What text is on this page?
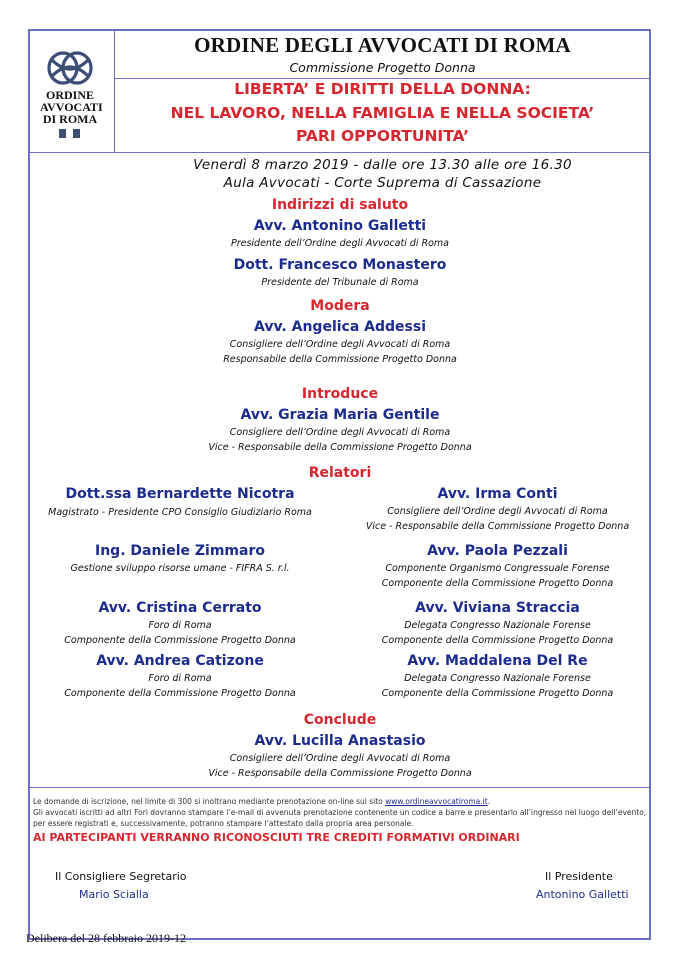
ORDINE
AVVOCATI
DI ROMA
ORDINE DEGLI AVVOCATI DI ROMA
Commissione Progetto Donna
LIBERTA’ E DIRITTI DELLA DONNA:
NEL LAVORO, NELLA FAMIGLIA E NELLA SOCIETA’
PARI OPPORTUNITA’
Venerdì 8 marzo 2019 - dalle ore 13.30 alle ore 16.30
Aula Avvocati - Corte Suprema di Cassazione
Indirizzi di saluto
Avv. Antonino Galletti
Presidente dell’Ordine degli Avvocati di Roma
Dott. Francesco Monastero
Presidente del Tribunale di Roma
Modera
Avv. Angelica Addessi
Consigliere dell’Ordine degli Avvocati di Roma
Responsabile della Commissione Progetto Donna
Introduce
Avv. Grazia Maria Gentile
Consigliere dell’Ordine degli Avvocati di Roma
Vice - Responsabile della Commissione Progetto Donna
Relatori
Dott.ssa Bernardette Nicotra
Magistrato - Presidente CPO Consiglio Giudiziario Roma
Avv. Irma Conti
Consigliere dell’Ordine degli Avvocati di Roma
Vice - Responsabile della Commissione Progetto Donna
Ing. Daniele Zimmaro
Gestione sviluppo risorse umane - FIFRA S. r.l.
Avv. Paola Pezzali
Componente Organismo Congressuale Forense
Componente della Commissione Progetto Donna
Avv. Cristina Cerrato
Foro di Roma
Componente della Commissione Progetto Donna
Avv. Viviana Straccia
Delegata Congresso Nazionale Forense
Componente della Commissione Progetto Donna
Avv. Andrea Catizone
Foro di Roma
Componente della Commissione Progetto Donna
Avv. Maddalena Del Re
Delegata Congresso Nazionale Forense
Componente della Commissione Progetto Donna
Conclude
Avv. Lucilla Anastasio
Consigliere dell’Ordine degli Avvocati di Roma
Vice - Responsabile della Commissione Progetto Donna
Le domande di iscrizione, nel limite di 300 si inoltrano mediante prenotazione on-line sul sito www.ordineavvocatiroma.it.
Gli avvocati iscritti ad altri Fori dovranno stampare l’e-mail di avvenuta prenotazione contenente un codice a barre e presentarlo all’ingresso nel luogo dell’evento,
per essere registrati e, successivamente, potranno stampare l’attestato dalla propria area personale.
AI PARTECIPANTI VERRANNO RICONOSCIUTI TRE CREDITI FORMATIVI ORDINARI
Il Consigliere Segretario
Mario Scialla
Il Presidente
Antonino Galletti
Delibera del 28 febbraio 2019-12
